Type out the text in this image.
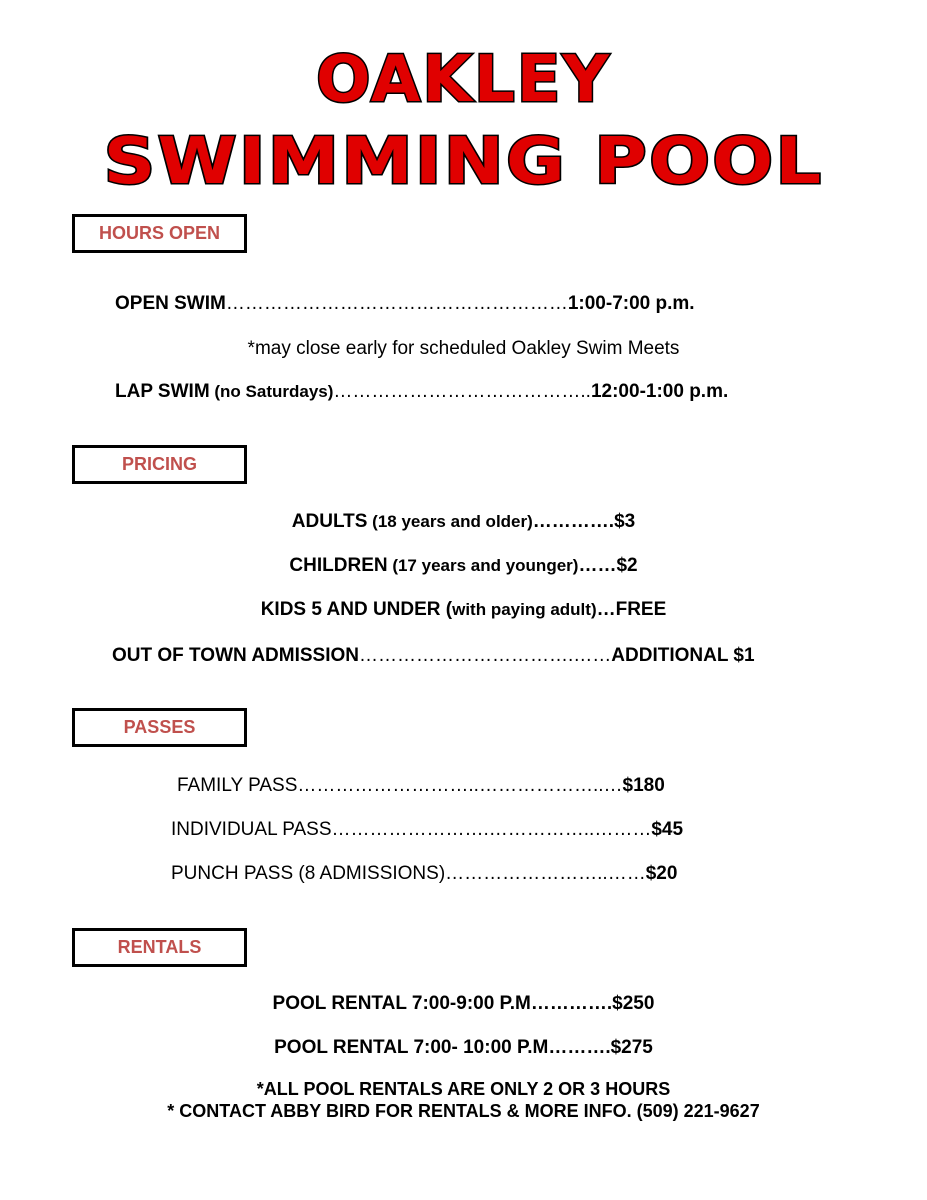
OAKLEY
SWIMMING POOL
HOURS OPEN
OPEN SWIM………………………………………………1:00-7:00 p.m.
*may close early for scheduled Oakley Swim Meets
LAP SWIM (no Saturdays)…………………………………..12:00-1:00 p.m.
PRICING
ADULTS (18 years and older)………….$3
CHILDREN (17 years and younger)……$2
KIDS 5 AND UNDER (with paying adult)…FREE
OUT OF TOWN ADMISSION…………………………….……ADDITIONAL $1
PASSES
FAMILY PASS………………………..………………..…$180
INDIVIDUAL PASS…………………….……………..………$45
PUNCH PASS (8 ADMISSIONS)……………………..……$20
RENTALS
POOL RENTAL 7:00-9:00 P.M………….$250
POOL RENTAL 7:00- 10:00 P.M……….$275
*ALL POOL RENTALS ARE ONLY 2 OR 3 HOURS
* CONTACT ABBY BIRD FOR RENTALS & MORE INFO. (509) 221-9627
